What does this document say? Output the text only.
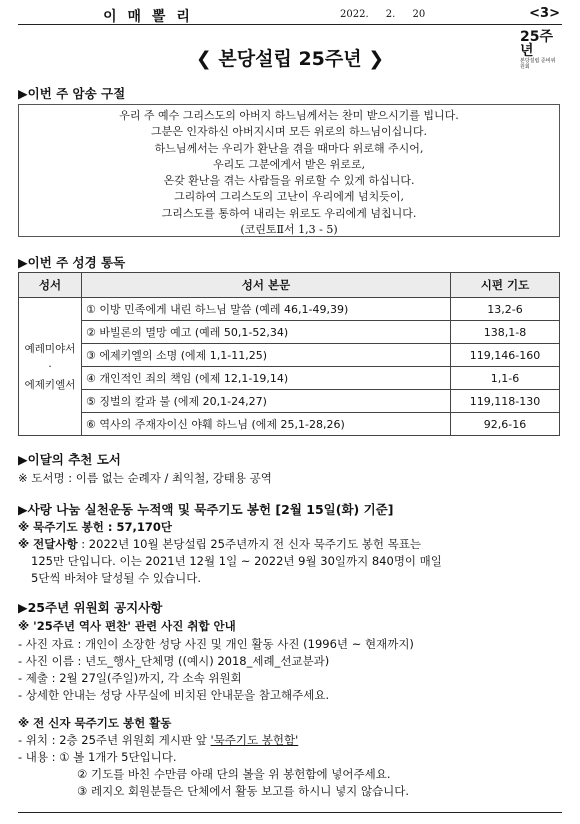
이 매 뽈 리	2022. 2. 20	<3>
❮ 본당설립 25주년 ❯
25주년
본당설립 준비위원회
▶이번 주 암송 구절
우리 주 예수 그리스도의 아버지 하느님께서는 찬미 받으시기를 빕니다.
그분은 인자하신 아버지시며 모든 위로의 하느님이십니다.
하느님께서는 우리가 환난을 겪을 때마다 위로해 주시어,
우리도 그분에게서 받은 위로로,
온갖 환난을 겪는 사람들을 위로할 수 있게 하십니다.
그리하여 그리스도의 고난이 우리에게 넘치듯이,
그리스도를 통하여 내리는 위로도 우리에게 넘칩니다.
(코린토Ⅱ서 1,3 - 5)
▶이번 주 성경 통독
성서	성서 본문	시편 기도

예레미야서
·
에제키엘서	① 이방 민족에게 내린 하느님 말씀 (예레 46,1-49,39)	13,2-6
	② 바빌론의 멸망 예고 (예레 50,1-52,34)	138,1-8
	③ 에제키엘의 소명 (에제 1,1-11,25)	119,146-160
	④ 개인적인 죄의 책임 (에제 12,1-19,14)	1,1-6
	⑤ 징벌의 칼과 불 (에제 20,1-24,27)	119,118-130
	⑥ 역사의 주재자이신 야훼 하느님 (에제 25,1-28,26)	92,6-16
▶이달의 추천 도서
※ 도서명 : 이름 없는 순례자 / 최익철, 강태용 공역
▶사랑 나눔 실천운동 누적액 및 묵주기도 봉헌 [2월 15일(화) 기준]
※ 묵주기도 봉헌 : 57,170단
※ 전달사항 : 2022년 10월 본당설립 25주년까지 전 신자 묵주기도 봉헌 목표는
125만 단입니다. 이는 2021년 12월 1일 ~ 2022년 9월 30일까지 840명이 매일
5단씩 바쳐야 달성될 수 있습니다.
▶25주년 위원회 공지사항
※ '25주년 역사 편찬' 관련 사진 취합 안내
- 사진 자료 : 개인이 소장한 성당 사진 및 개인 활동 사진 (1996년 ~ 현재까지)
- 사진 이름 : 년도_행사_단체명 ((예시) 2018_세례_선교분과)
- 제출 : 2월 27일(주일)까지, 각 소속 위원회
- 상세한 안내는 성당 사무실에 비치된 안내문을 참고해주세요.
※ 전 신자 묵주기도 봉헌 활동
- 위치 : 2층 25주년 위원회 게시판 앞 '묵주기도 봉헌함'
- 내용 : ① 볼 1개가 5단입니다.
② 기도를 바친 수만큼 아래 단의 볼을 위 봉헌함에 넣어주세요.
③ 레지오 회원분들은 단체에서 활동 보고를 하시니 넣지 않습니다.
